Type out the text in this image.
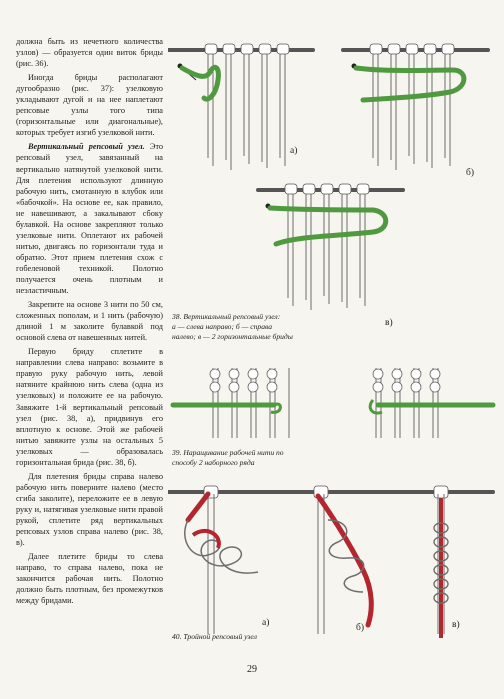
должна быть из нечетного количества узлов) — образуется один виток бриды (рис. 36).

Иногда бриды располагают дугообразно (рис. 37): узелковую укладывают дугой и на нее наплетают репсовые узлы того типа (горизонтальные или диагональные), которых требует изгиб узелковой нити.

Вертикальный репсовый узел. Это репсовый узел, завязанный на вертикально натянутой узелковой нити. Для плетения используют длинную рабочую нить, смотанную в клубок или «бабочкой». На основе ее, как правило, не навешивают, а закалывают сбоку булавкой. На основе закрепляют только узелковые нити. Оплетают их рабочей нитью, двигаясь по горизонтали туда и обратно. Этот прием плетения схож с гобеленовой техникой. Полотно получается очень плотным и неэластичным.

Закрепите на основе 3 нити по 50 см, сложенных пополам, и 1 нить (рабочую) длиной 1 м заколите булавкой под основой слева от навешенных нитей.

Первую бриду сплетите в направлении слева направо: возьмите в правую руку рабочую нить, левой натяните крайнюю нить слева (одна из узелковых) и положите ее на рабочую. Завяжите 1-й вертикальный репсовый узел (рис. 38, а), придвинув его вплотную к основе. Этой же рабочей нитью завяжите узлы на остальных 5 узелковых — образовалась горизонтальная брида (рис. 38, б).

Для плетения бриды справа налево рабочую нить поверните налево (место сгиба заколите), переложите ее в левую руку и, натягивая узелковые нити правой рукой, сплетите ряд вертикальных репсовых узлов справа налево (рис. 38, в).

Далее плетите бриды то слева направо, то справа налево, пока не закончится рабочая нить. Полотно должно быть плотным, без промежутков между бридами.

а)
б)
в)
38. Вертикальный репсовый узел:
а — слева направо; б — справа
налево; в — 2 горизонтальные бриды
39. Наращивание рабочей нити по
способу 2 наборного ряда
а)	б)	в)
40. Тройной репсовый узел
29
